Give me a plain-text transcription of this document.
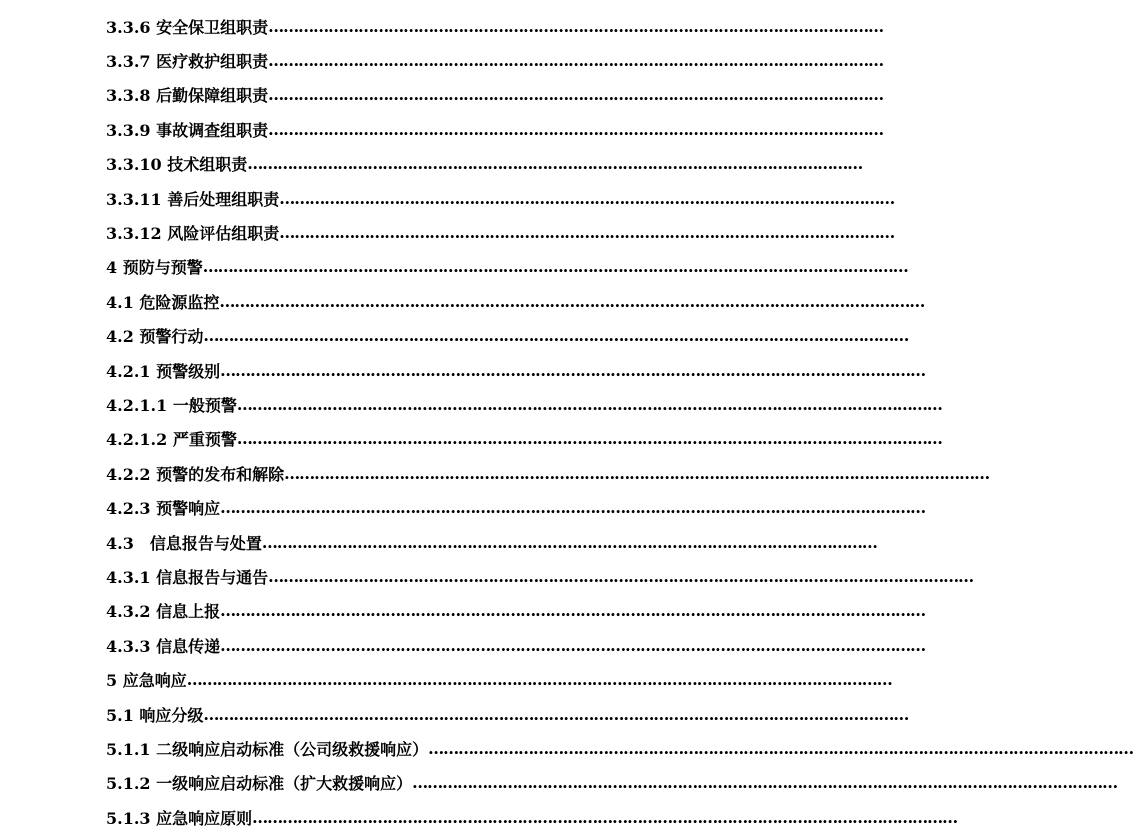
3.3.6 安全保卫组职责 ……………………………………………………………………………………………………………
3.3.7 医疗救护组职责 ……………………………………………………………………………………………………………
3.3.8 后勤保障组职责 ……………………………………………………………………………………………………………
3.3.9 事故调查组职责 ……………………………………………………………………………………………………………
3.3.10 技术组职责 ……………………………………………………………………………………………………………
3.3.11 善后处理组职责 ……………………………………………………………………………………………………………
3.3.12 风险评估组职责 ……………………………………………………………………………………………………………
4 预防与预警 ……………………………………………………………………………………………………………………………
4.1 危险源监控 ……………………………………………………………………………………………………………………………
4.2 预警行动 ……………………………………………………………………………………………………………………………
4.2.1 预警级别 ……………………………………………………………………………………………………………………………
4.2.1.1 一般预警 ……………………………………………………………………………………………………………………………
4.2.1.2 严重预警 ……………………………………………………………………………………………………………………………
4.2.2 预警的发布和解除 ……………………………………………………………………………………………………………………………
4.2.3 预警响应 ……………………………………………………………………………………………………………………………
4.3　信息报告与处置 ……………………………………………………………………………………………………………
4.3.1 信息报告与通告 ……………………………………………………………………………………………………………………………
4.3.2 信息上报 ……………………………………………………………………………………………………………………………
4.3.3 信息传递 ……………………………………………………………………………………………………………………………
5 应急响应 ……………………………………………………………………………………………………………………………
5.1 响应分级 ……………………………………………………………………………………………………………………………
5.1.1 二级响应启动标准（公司级救援响应） ……………………………………………………………………………………………………………………………
5.1.2 一级响应启动标准（扩大救援响应） ……………………………………………………………………………………………………………………………
5.1.3 应急响应原则 ……………………………………………………………………………………………………………………………
